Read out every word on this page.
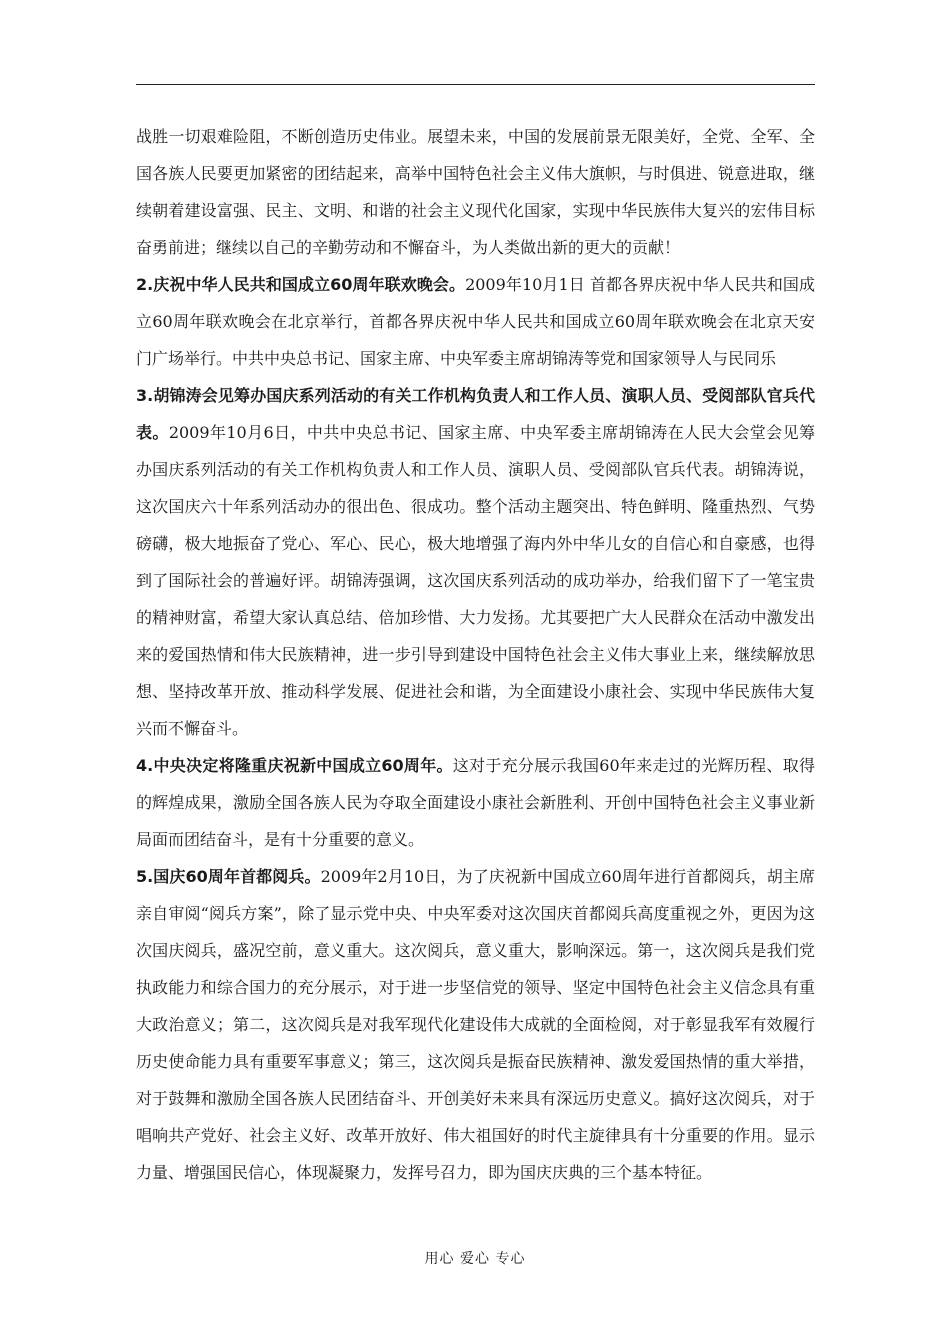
战胜一切艰难险阻，不断创造历史伟业。展望未来，中国的发展前景无限美好，全党、全军、全国各族人民要更加紧密的团结起来，高举中国特色社会主义伟大旗帜，与时俱进、锐意进取，继续朝着建设富强、民主、文明、和谐的社会主义现代化国家，实现中华民族伟大复兴的宏伟目标奋勇前进；继续以自己的辛勤劳动和不懈奋斗，为人类做出新的更大的贡献！

2.庆祝中华人民共和国成立60周年联欢晚会。2009年10月1日 首都各界庆祝中华人民共和国成立60周年联欢晚会在北京举行，首都各界庆祝中华人民共和国成立60周年联欢晚会在北京天安门广场举行。中共中央总书记、国家主席、中央军委主席胡锦涛等党和国家领导人与民同乐

3.胡锦涛会见筹办国庆系列活动的有关工作机构负责人和工作人员、演职人员、受阅部队官兵代表。2009年10月6日，中共中央总书记、国家主席、中央军委主席胡锦涛在人民大会堂会见筹办国庆系列活动的有关工作机构负责人和工作人员、演职人员、受阅部队官兵代表。胡锦涛说，这次国庆六十年系列活动办的很出色、很成功。整个活动主题突出、特色鲜明、隆重热烈、气势磅礴，极大地振奋了党心、军心、民心，极大地增强了海内外中华儿女的自信心和自豪感，也得到了国际社会的普遍好评。胡锦涛强调，这次国庆系列活动的成功举办，给我们留下了一笔宝贵的精神财富，希望大家认真总结、倍加珍惜、大力发扬。尤其要把广大人民群众在活动中激发出来的爱国热情和伟大民族精神，进一步引导到建设中国特色社会主义伟大事业上来，继续解放思想、坚持改革开放、推动科学发展、促进社会和谐，为全面建设小康社会、实现中华民族伟大复兴而不懈奋斗。

4.中央决定将隆重庆祝新中国成立60周年。这对于充分展示我国60年来走过的光辉历程、取得的辉煌成果，激励全国各族人民为夺取全面建设小康社会新胜利、开创中国特色社会主义事业新局面而团结奋斗，是有十分重要的意义。

5.国庆60周年首都阅兵。2009年2月10日，为了庆祝新中国成立60周年进行首都阅兵，胡主席亲自审阅“阅兵方案”，除了显示党中央、中央军委对这次国庆首都阅兵高度重视之外，更因为这次国庆阅兵，盛况空前，意义重大。这次阅兵，意义重大，影响深远。第一，这次阅兵是我们党执政能力和综合国力的充分展示，对于进一步坚信党的领导、坚定中国特色社会主义信念具有重大政治意义；第二，这次阅兵是对我军现代化建设伟大成就的全面检阅，对于彰显我军有效履行历史使命能力具有重要军事意义；第三，这次阅兵是振奋民族精神、激发爱国热情的重大举措，对于鼓舞和激励全国各族人民团结奋斗、开创美好未来具有深远历史意义。搞好这次阅兵，对于唱响共产党好、社会主义好、改革开放好、伟大祖国好的时代主旋律具有十分重要的作用。显示力量、增强国民信心，体现凝聚力，发挥号召力，即为国庆庆典的三个基本特征。

用心 爱心 专心
